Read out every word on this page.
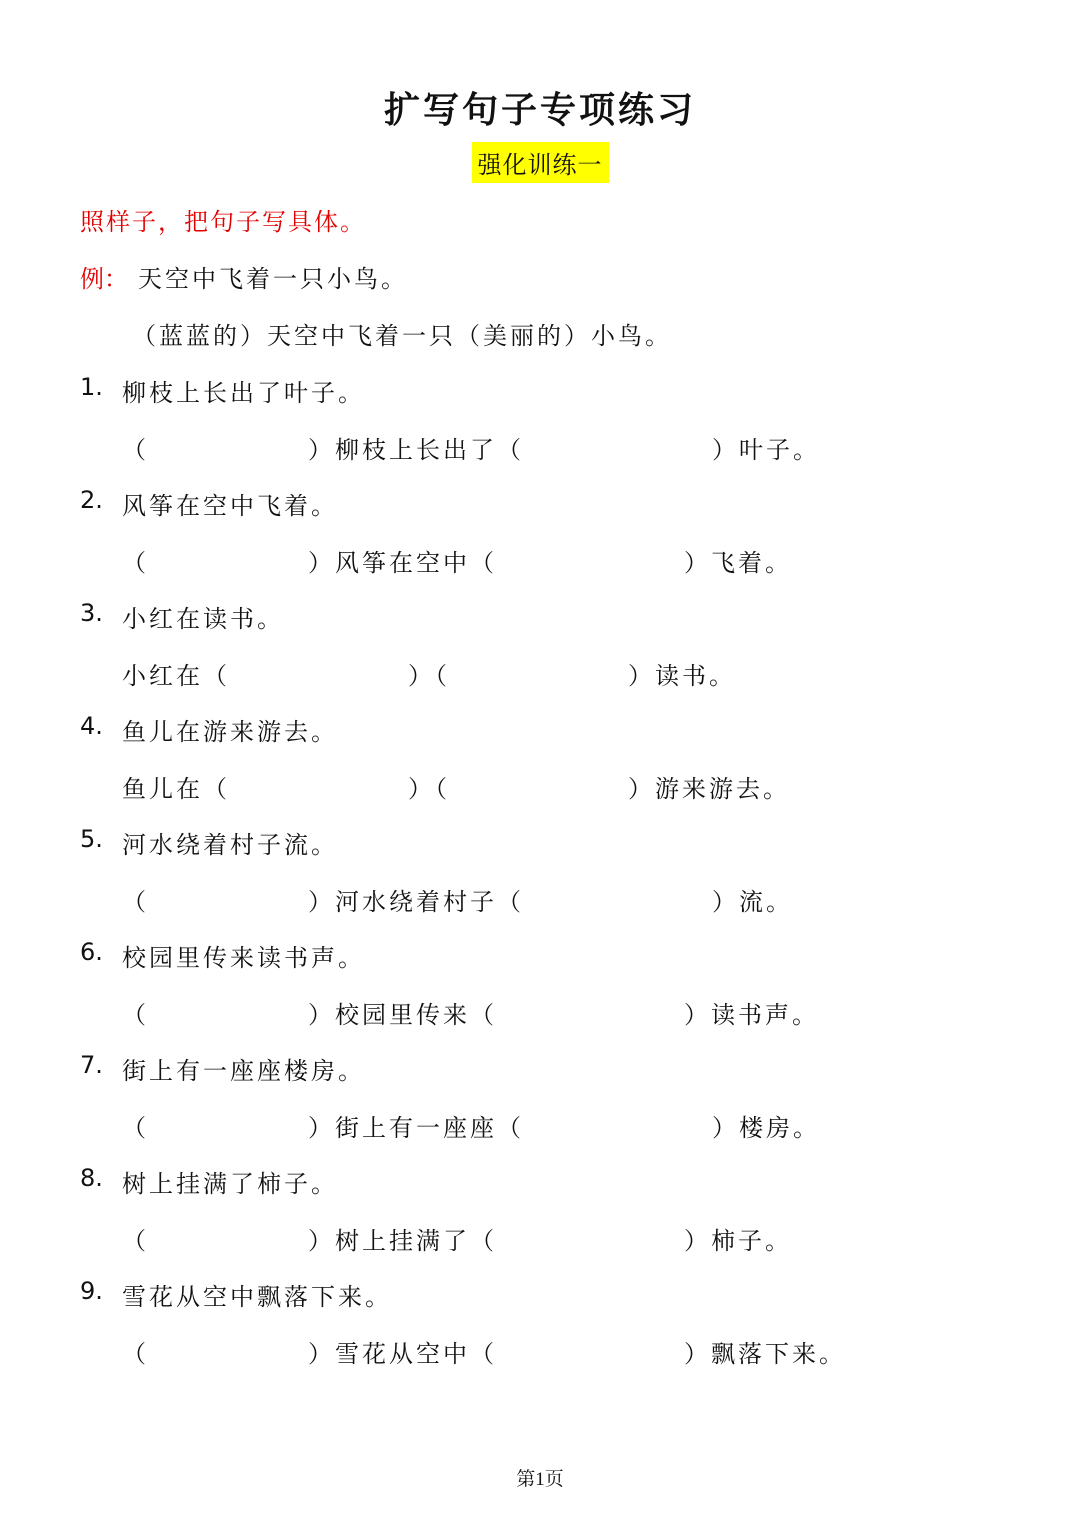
扩写句子专项练习
强化训练一
照样子，把句子写具体。
例： 天空中飞着一只小鸟。
（蓝蓝的）天空中飞着一只（美丽的）小鸟。
1. 柳枝上长出了叶子。
（	）柳枝上长出了（	）叶子。
2. 风筝在空中飞着。
（	）风筝在空中（	）飞着。
3. 小红在读书。
小红在（	）（	）读书。
4. 鱼儿在游来游去。
鱼儿在（	）（	）游来游去。
5. 河水绕着村子流。
（	）河水绕着村子（	）流。
6. 校园里传来读书声。
（	）校园里传来（	）读书声。
7. 街上有一座座楼房。
（	）街上有一座座（	）楼房。
8. 树上挂满了柿子。
（	）树上挂满了（	）柿子。
9. 雪花从空中飘落下来。
（	）雪花从空中（	）飘落下来。
第1页
